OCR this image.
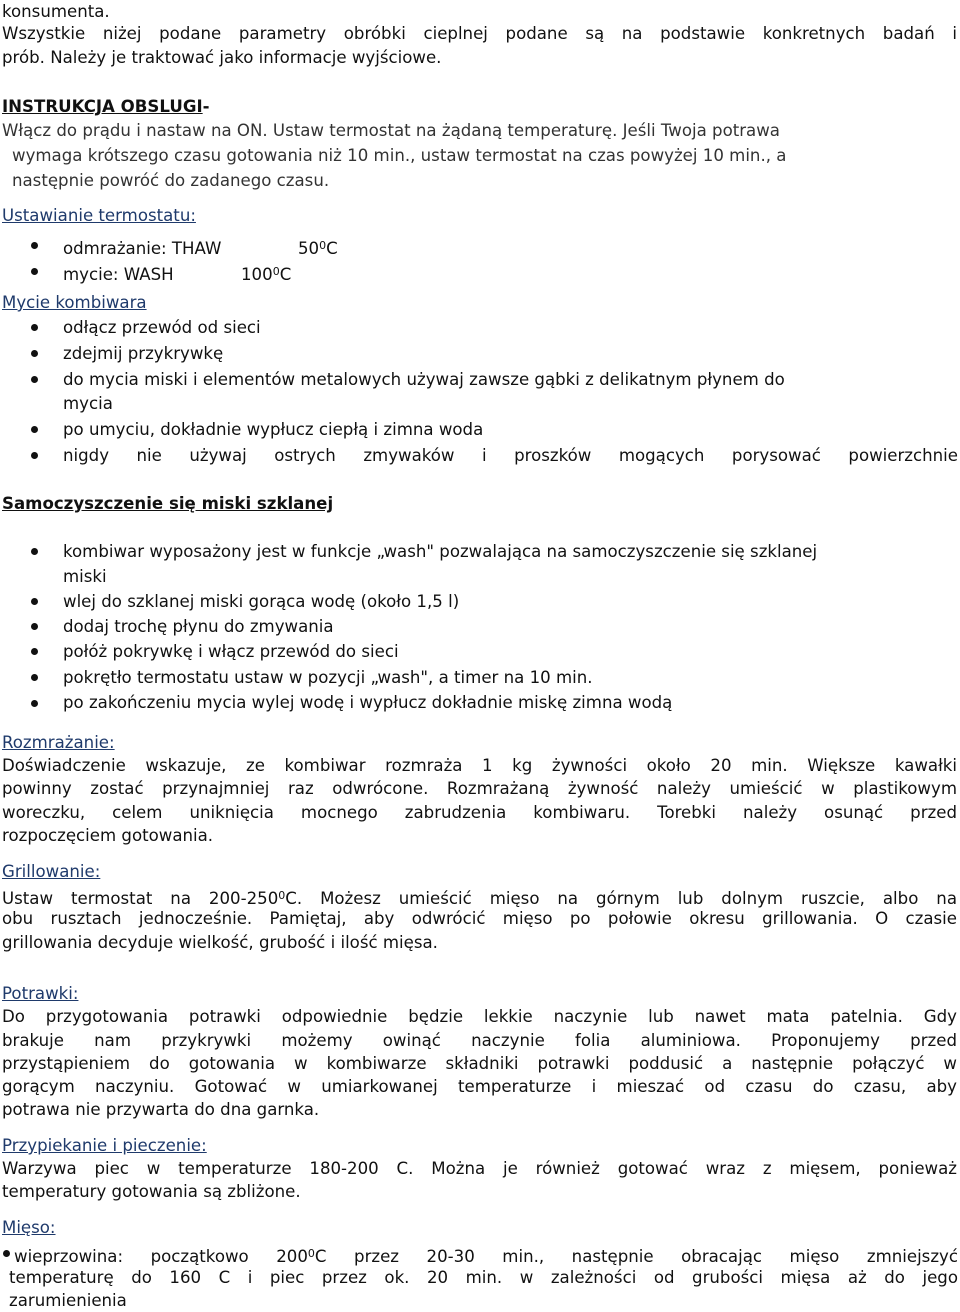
konsumenta.
Wszystkie niżej podane parametry obróbki cieplnej podane są na podstawie konkretnych badań i
prób. Należy je traktować jako informacje wyjściowe.
INSTRUKCJA OBSLUGI-
Włącz do prądu i nastaw na ON. Ustaw termostat na żądaną temperaturę. Jeśli Twoja potrawa
wymaga krótszego czasu gotowania niż 10 min., ustaw termostat na czas powyżej 10 min., a
następnie powróć do zadanego czasu.
Ustawianie termostatu:
odmrażanie: THAW	$50^0C$
mycie: WASH	$100^0C$
Mycie kombiwara
odłącz przewód od sieci
zdejmij przykrywkę
do mycia miski i elementów metalowych używaj zawsze gąbki z delikatnym płynem do
mycia
po umyciu, dokładnie wypłucz ciepłą i zimna woda
nigdy nie używaj ostrych zmywaków i proszków mogących porysować powierzchnie
Samoczyszczenie się miski szklanej
kombiwar wyposażony jest w funkcje „wash" pozwalająca na samoczyszczenie się szklanej
miski
wlej do szklanej miski gorąca wodę (około 1,5 l)
dodaj trochę płynu do zmywania
połóż pokrywkę i włącz przewód do sieci
pokrętło termostatu ustaw w pozycji „wash", a timer na 10 min.
po zakończeniu mycia wylej wodę i wypłucz dokładnie miskę zimna wodą
Rozmrażanie:
Doświadczenie wskazuje, ze kombiwar rozmraża 1 kg żywności około 20 min. Większe kawałki
powinny zostać przynajmniej raz odwrócone. Rozmrażaną żywność należy umieścić w plastikowym
woreczku, celem uniknięcia mocnego zabrudzenia kombiwaru. Torebki należy osunąć przed
rozpoczęciem gotowania.
Grillowanie:
Ustaw termostat na $200-250^0C$. Możesz umieścić mięso na górnym lub dolnym ruszcie, albo na
obu rusztach jednocześnie. Pamiętaj, aby odwrócić mięso po połowie okresu grillowania. O czasie
grillowania decyduje wielkość, grubość i ilość mięsa.
Potrawki:
Do przygotowania potrawki odpowiednie będzie lekkie naczynie lub nawet mata patelnia. Gdy
brakuje nam przykrywki możemy owinąć naczynie folia aluminiowa. Proponujemy przed
przystąpieniem do gotowania w kombiwarze składniki potrawki poddusić a następnie połączyć w
gorącym naczyniu. Gotować w umiarkowanej temperaturze i mieszać od czasu do czasu, aby
potrawa nie przywarta do dna garnka.
Przypiekanie i pieczenie:
Warzywa piec w temperaturze 180-200 C. Można je również gotować wraz z mięsem, ponieważ
temperatury gotowania są zbliżone.
Mięso:
wieprzowina: początkowo $200^0C$ przez 20-30 min., następnie obracając mięso zmniejszyć
temperaturę do 160 C i piec przez ok. 20 min. w zależności od grubości mięsa aż do jego
zarumienienia
